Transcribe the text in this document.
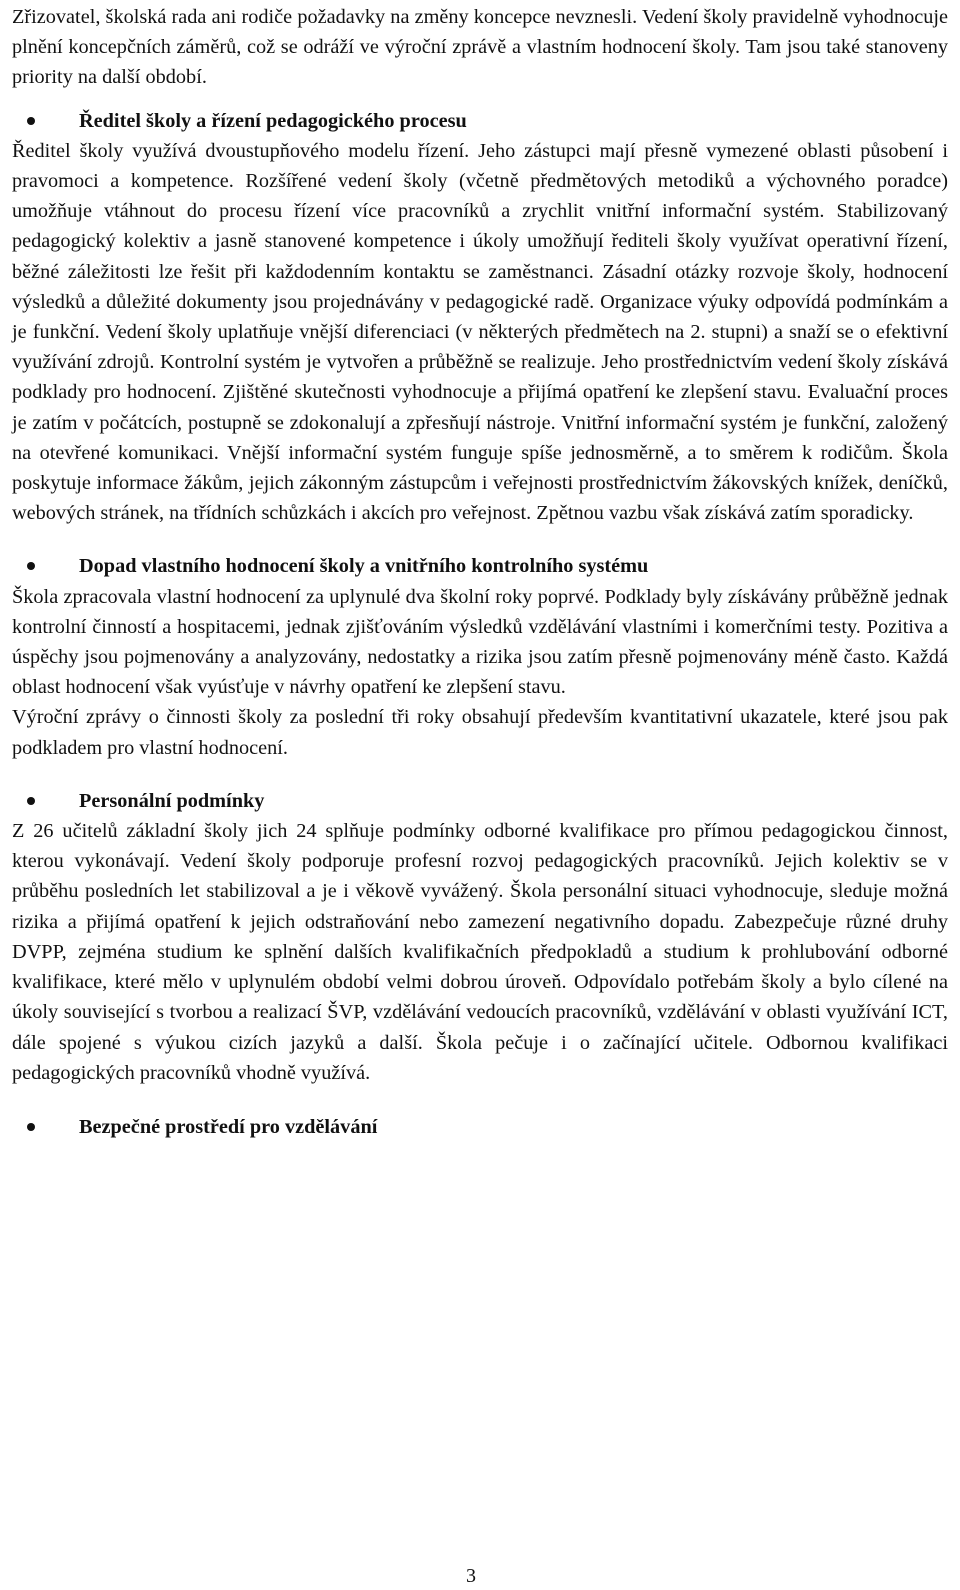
Zřizovatel, školská rada ani rodiče požadavky na změny koncepce nevznesli. Vedení školy pravidelně vyhodnocuje plnění koncepčních záměrů, což se odráží ve výroční zprávě a vlastním hodnocení školy. Tam jsou také stanoveny priority na další období.

Ředitel školy a řízení pedagogického procesu

Ředitel školy využívá dvoustupňového modelu řízení. Jeho zástupci mají přesně vymezené oblasti působení i pravomoci a kompetence. Rozšířené vedení školy (včetně předmětových metodiků a výchovného poradce) umožňuje vtáhnout do procesu řízení více pracovníků a zrychlit vnitřní informační systém. Stabilizovaný pedagogický kolektiv a jasně stanovené kompetence i úkoly umožňují řediteli školy využívat operativní řízení, běžné záležitosti lze řešit při každodenním kontaktu se zaměstnanci. Zásadní otázky rozvoje školy, hodnocení výsledků a důležité dokumenty jsou projednávány v pedagogické radě. Organizace výuky odpovídá podmínkám a je funkční. Vedení školy uplatňuje vnější diferenciaci (v některých předmětech na 2. stupni) a snaží se o efektivní využívání zdrojů. Kontrolní systém je vytvořen a průběžně se realizuje. Jeho prostřednictvím vedení školy získává podklady pro hodnocení. Zjištěné skutečnosti vyhodnocuje a přijímá opatření ke zlepšení stavu. Evaluační proces je zatím v počátcích, postupně se zdokonalují a zpřesňují nástroje. Vnitřní informační systém je funkční, založený na otevřené komunikaci. Vnější informační systém funguje spíše jednosměrně, a to směrem k rodičům. Škola poskytuje informace žákům, jejich zákonným zástupcům i veřejnosti prostřednictvím žákovských knížek, deníčků, webových stránek, na třídních schůzkách i akcích pro veřejnost. Zpětnou vazbu však získává zatím sporadicky.

Dopad vlastního hodnocení školy a vnitřního kontrolního systému

Škola zpracovala vlastní hodnocení za uplynulé dva školní roky poprvé. Podklady byly získávány průběžně jednak kontrolní činností a hospitacemi, jednak zjišťováním výsledků vzdělávání vlastními i komerčními testy. Pozitiva a úspěchy jsou pojmenovány a analyzovány, nedostatky a rizika jsou zatím přesně pojmenovány méně často. Každá oblast hodnocení však vyúsťuje v návrhy opatření ke zlepšení stavu.

Výroční zprávy o činnosti školy za poslední tři roky obsahují především kvantitativní ukazatele, které jsou pak podkladem pro vlastní hodnocení.

Personální podmínky

Z 26 učitelů základní školy jich 24 splňuje podmínky odborné kvalifikace pro přímou pedagogickou činnost, kterou vykonávají. Vedení školy podporuje profesní rozvoj pedagogických pracovníků. Jejich kolektiv se v průběhu posledních let stabilizoval a je i věkově vyvážený. Škola personální situaci vyhodnocuje, sleduje možná rizika a přijímá opatření k jejich odstraňování nebo zamezení negativního dopadu. Zabezpečuje různé druhy DVPP, zejména studium ke splnění dalších kvalifikačních předpokladů a studium k prohlubování odborné kvalifikace, které mělo v uplynulém období velmi dobrou úroveň. Odpovídalo potřebám školy a bylo cílené na úkoly související s tvorbou a realizací ŠVP, vzdělávání vedoucích pracovníků, vzdělávání v oblasti využívání ICT, dále spojené s výukou cizích jazyků a další. Škola pečuje i o začínající učitele. Odbornou kvalifikaci pedagogických pracovníků vhodně využívá.

Bezpečné prostředí pro vzdělávání
3
